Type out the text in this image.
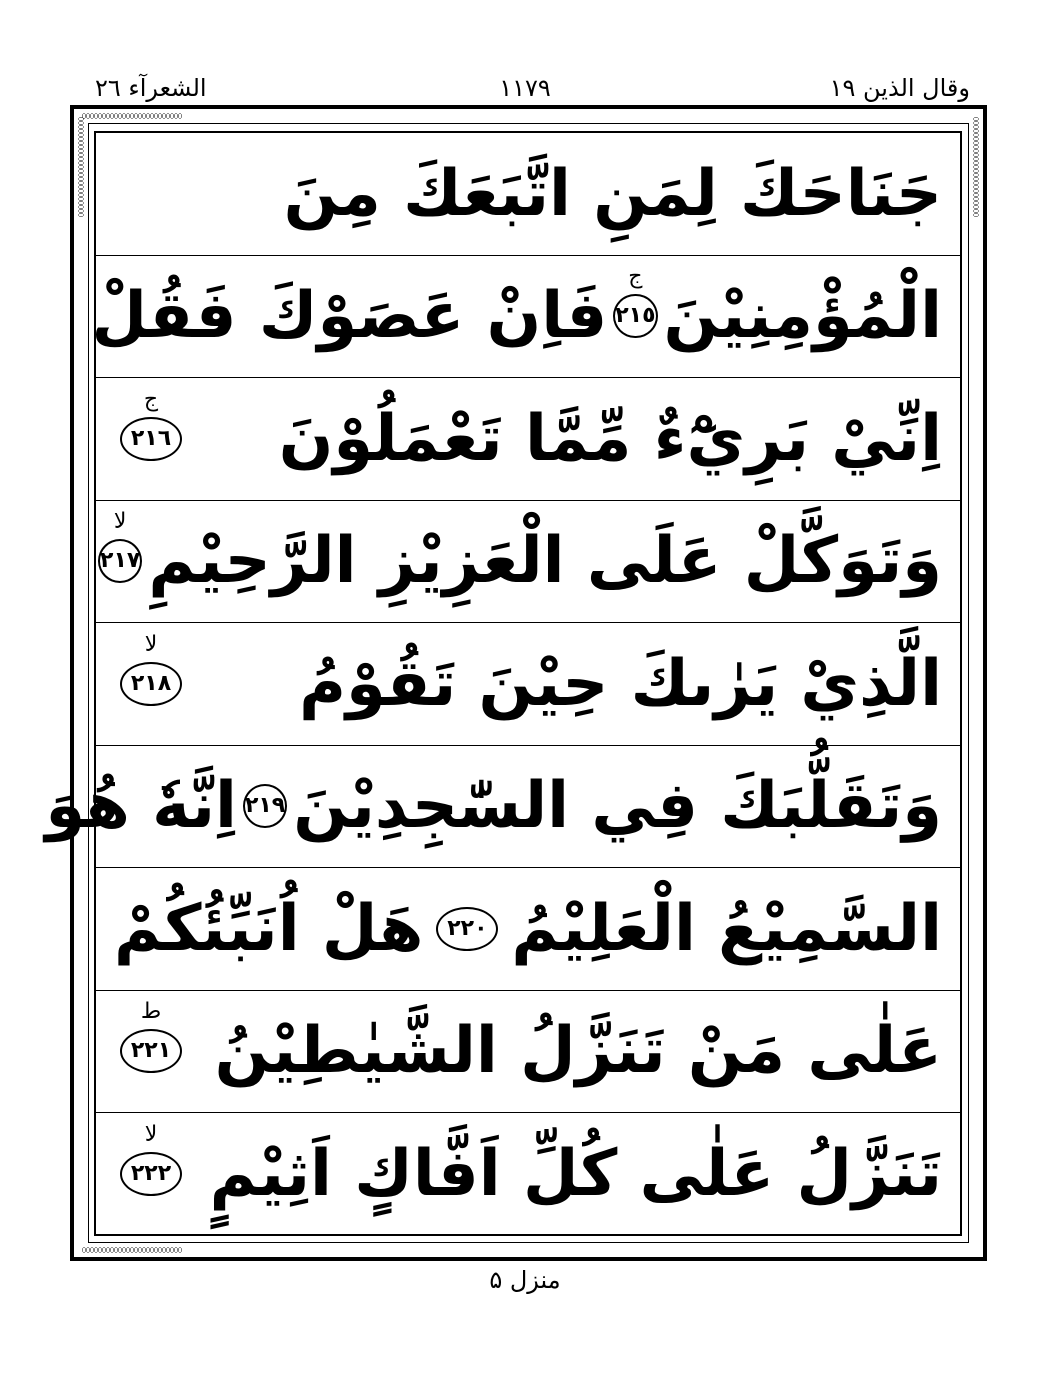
وقال الذين ١٩
١١٧٩
الشعرآء ٢٦
جَنَاحَكَ لِمَنِ اتَّبَعَكَ مِنَ
الْمُؤْمِنِيْنَ
٢١٥
ج
فَاِنْ عَصَوْكَ فَقُلْ
اِنِّيْ بَرِيْٓءٌ مِّمَّا تَعْمَلُوْنَ
٢١٦
ج
وَتَوَكَّلْ عَلَى الْعَزِيْزِ الرَّحِيْمِ
٢١٧
لا
الَّذِيْ يَرٰىكَ حِيْنَ تَقُوْمُ
٢١٨
لا
وَتَقَلُّبَكَ فِي السّٰجِدِيْنَ
٢١٩
اِنَّهٗ هُوَ
السَّمِيْعُ الْعَلِيْمُ
٢٢٠
هَلْ اُنَبِّئُكُمْ
عَلٰى مَنْ تَنَزَّلُ الشَّيٰطِيْنُ
٢٢١
ط
تَنَزَّلُ عَلٰى كُلِّ اَفَّاكٍ اَثِيْمٍ
٢٢٢
لا
منزل ۵
